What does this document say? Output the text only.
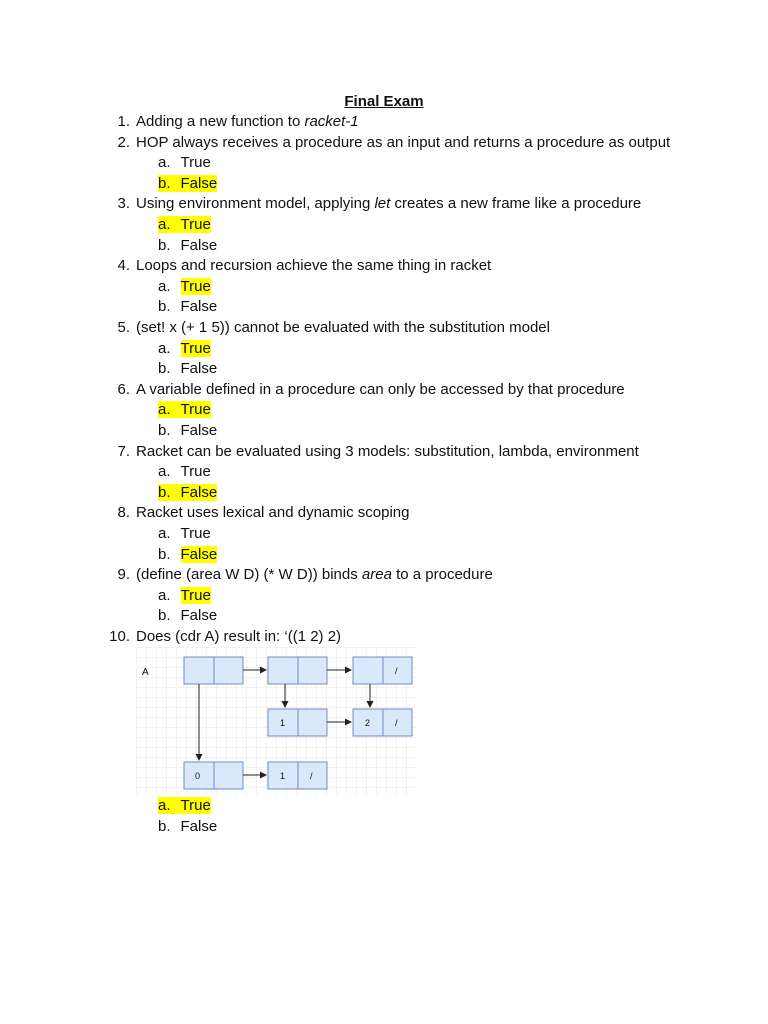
Final Exam
1. Adding a new function to racket-1
2. HOP always receives a procedure as an input and returns a procedure as output
a. True
b. False
3. Using environment model, applying let creates a new frame like a procedure
a. True
b. False
4. Loops and recursion achieve the same thing in racket
a. True
b. False
5. (set! x (+ 1 5)) cannot be evaluated with the substitution model
a. True
b. False
6. A variable defined in a procedure can only be accessed by that procedure
a. True
b. False
7. Racket can be evaluated using 3 models: substitution, lambda, environment
a. True
b. False
8. Racket uses lexical and dynamic scoping
a. True
b. False
9. (define (area W D) (* W D)) binds area to a procedure
a. True
b. False
10. Does (cdr A) result in: ‘((1 2) 2)
a. True
b. False
A	/
1	2	/
0	1	/
